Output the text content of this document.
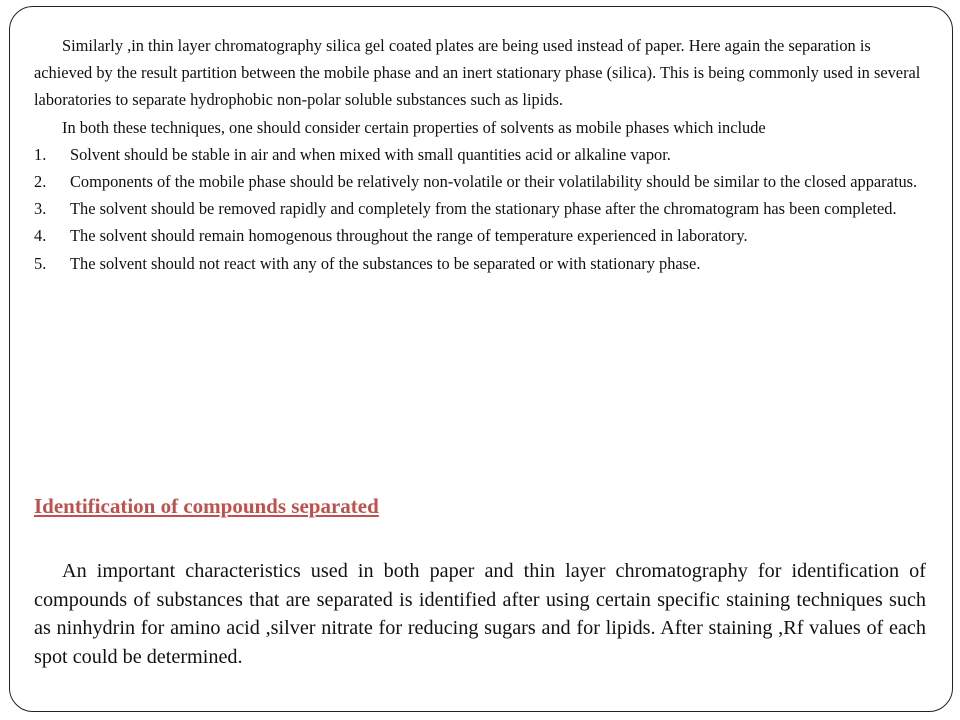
Similarly ,in thin layer chromatography silica gel coated plates are being used instead of paper. Here again the separation is achieved by the result partition between the mobile phase and an inert stationary phase (silica). This is being commonly used in several laboratories to separate hydrophobic non-polar soluble substances such as lipids.

In both these techniques, one should consider certain properties of solvents as mobile phases which include

1. Solvent should be stable in air and when mixed with small quantities acid or alkaline vapor.
2. Components of the mobile phase should be relatively non-volatile or their volatilability should be similar to the closed apparatus.
3. The solvent should be removed rapidly and completely from the stationary phase after the chromatogram has been completed.
4. The solvent should remain homogenous throughout the range of temperature experienced in laboratory.
5. The solvent should not react with any of the substances to be separated or with stationary phase.
Identification of compounds separated

An important characteristics used in both paper and thin layer chromatography for identification of compounds of substances that are separated is identified after using certain specific staining techniques such as ninhydrin for amino acid ,silver nitrate for reducing sugars and for lipids. After staining ,Rf values of each spot could be determined.
